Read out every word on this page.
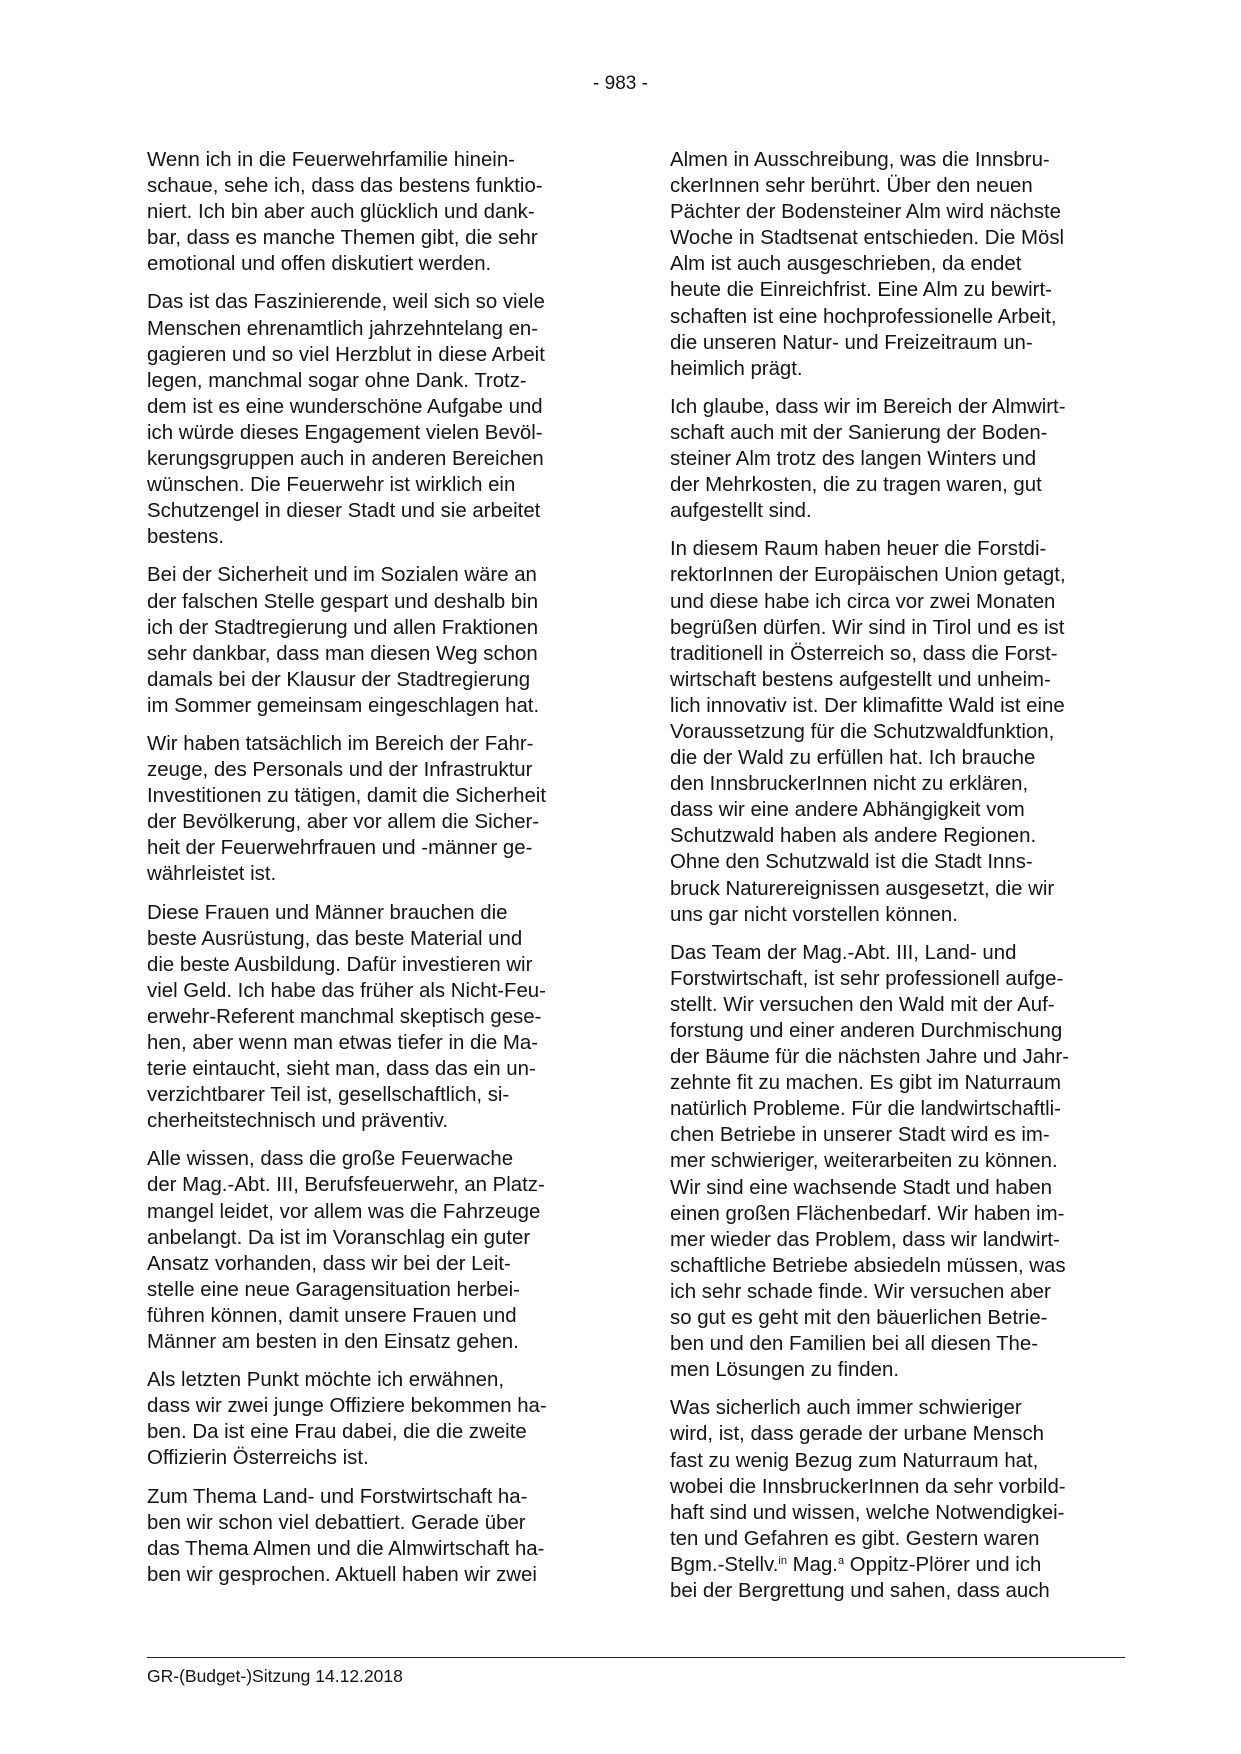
- 983 -

Wenn ich in die Feuerwehrfamilie hinein-
schaue, sehe ich, dass das bestens funktio-
niert. Ich bin aber auch glücklich und dank-
bar, dass es manche Themen gibt, die sehr
emotional und offen diskutiert werden.

Das ist das Faszinierende, weil sich so viele
Menschen ehrenamtlich jahrzehntelang en-
gagieren und so viel Herzblut in diese Arbeit
legen, manchmal sogar ohne Dank. Trotz-
dem ist es eine wunderschöne Aufgabe und
ich würde dieses Engagement vielen Bevöl-
kerungsgruppen auch in anderen Bereichen
wünschen. Die Feuerwehr ist wirklich ein
Schutzengel in dieser Stadt und sie arbeitet
bestens.

Bei der Sicherheit und im Sozialen wäre an
der falschen Stelle gespart und deshalb bin
ich der Stadtregierung und allen Fraktionen
sehr dankbar, dass man diesen Weg schon
damals bei der Klausur der Stadtregierung
im Sommer gemeinsam eingeschlagen hat.

Wir haben tatsächlich im Bereich der Fahr-
zeuge, des Personals und der Infrastruktur
Investitionen zu tätigen, damit die Sicherheit
der Bevölkerung, aber vor allem die Sicher-
heit der Feuerwehrfrauen und -männer ge-
währleistet ist.

Diese Frauen und Männer brauchen die
beste Ausrüstung, das beste Material und
die beste Ausbildung. Dafür investieren wir
viel Geld. Ich habe das früher als Nicht-Feu-
erwehr-Referent manchmal skeptisch gese-
hen, aber wenn man etwas tiefer in die Ma-
terie eintaucht, sieht man, dass das ein un-
verzichtbarer Teil ist, gesellschaftlich, si-
cherheitstechnisch und präventiv.

Alle wissen, dass die große Feuerwache
der Mag.-Abt. III, Berufsfeuerwehr, an Platz-
mangel leidet, vor allem was die Fahrzeuge
anbelangt. Da ist im Voranschlag ein guter
Ansatz vorhanden, dass wir bei der Leit-
stelle eine neue Garagensituation herbei-
führen können, damit unsere Frauen und
Männer am besten in den Einsatz gehen.

Als letzten Punkt möchte ich erwähnen,
dass wir zwei junge Offiziere bekommen ha-
ben. Da ist eine Frau dabei, die die zweite
Offizierin Österreichs ist.

Zum Thema Land- und Forstwirtschaft ha-
ben wir schon viel debattiert. Gerade über
das Thema Almen und die Almwirtschaft ha-
ben wir gesprochen. Aktuell haben wir zwei

Almen in Ausschreibung, was die Innsbru-
ckerInnen sehr berührt. Über den neuen
Pächter der Bodensteiner Alm wird nächste
Woche in Stadtsenat entschieden. Die Mösl
Alm ist auch ausgeschrieben, da endet
heute die Einreichfrist. Eine Alm zu bewirt-
schaften ist eine hochprofessionelle Arbeit,
die unseren Natur- und Freizeitraum un-
heimlich prägt.

Ich glaube, dass wir im Bereich der Almwirt-
schaft auch mit der Sanierung der Boden-
steiner Alm trotz des langen Winters und
der Mehrkosten, die zu tragen waren, gut
aufgestellt sind.

In diesem Raum haben heuer die Forstdi-
rektorInnen der Europäischen Union getagt,
und diese habe ich circa vor zwei Monaten
begrüßen dürfen. Wir sind in Tirol und es ist
traditionell in Österreich so, dass die Forst-
wirtschaft bestens aufgestellt und unheim-
lich innovativ ist. Der klimafitte Wald ist eine
Voraussetzung für die Schutzwaldfunktion,
die der Wald zu erfüllen hat. Ich brauche
den InnsbruckerInnen nicht zu erklären,
dass wir eine andere Abhängigkeit vom
Schutzwald haben als andere Regionen.
Ohne den Schutzwald ist die Stadt Inns-
bruck Naturereignissen ausgesetzt, die wir
uns gar nicht vorstellen können.

Das Team der Mag.-Abt. III, Land- und
Forstwirtschaft, ist sehr professionell aufge-
stellt. Wir versuchen den Wald mit der Auf-
forstung und einer anderen Durchmischung
der Bäume für die nächsten Jahre und Jahr-
zehnte fit zu machen. Es gibt im Naturraum
natürlich Probleme. Für die landwirtschaftli-
chen Betriebe in unserer Stadt wird es im-
mer schwieriger, weiterarbeiten zu können.
Wir sind eine wachsende Stadt und haben
einen großen Flächenbedarf. Wir haben im-
mer wieder das Problem, dass wir landwirt-
schaftliche Betriebe absiedeln müssen, was
ich sehr schade finde. Wir versuchen aber
so gut es geht mit den bäuerlichen Betrie-
ben und den Familien bei all diesen The-
men Lösungen zu finden.

Was sicherlich auch immer schwieriger
wird, ist, dass gerade der urbane Mensch
fast zu wenig Bezug zum Naturraum hat,
wobei die InnsbruckerInnen da sehr vorbild-
haft sind und wissen, welche Notwendigkei-
ten und Gefahren es gibt. Gestern waren
Bgm.-Stellv.$^{in}$ Mag.$^a$ Oppitz-Plörer und ich
bei der Bergrettung und sahen, dass auch

GR-(Budget-)Sitzung 14.12.2018
